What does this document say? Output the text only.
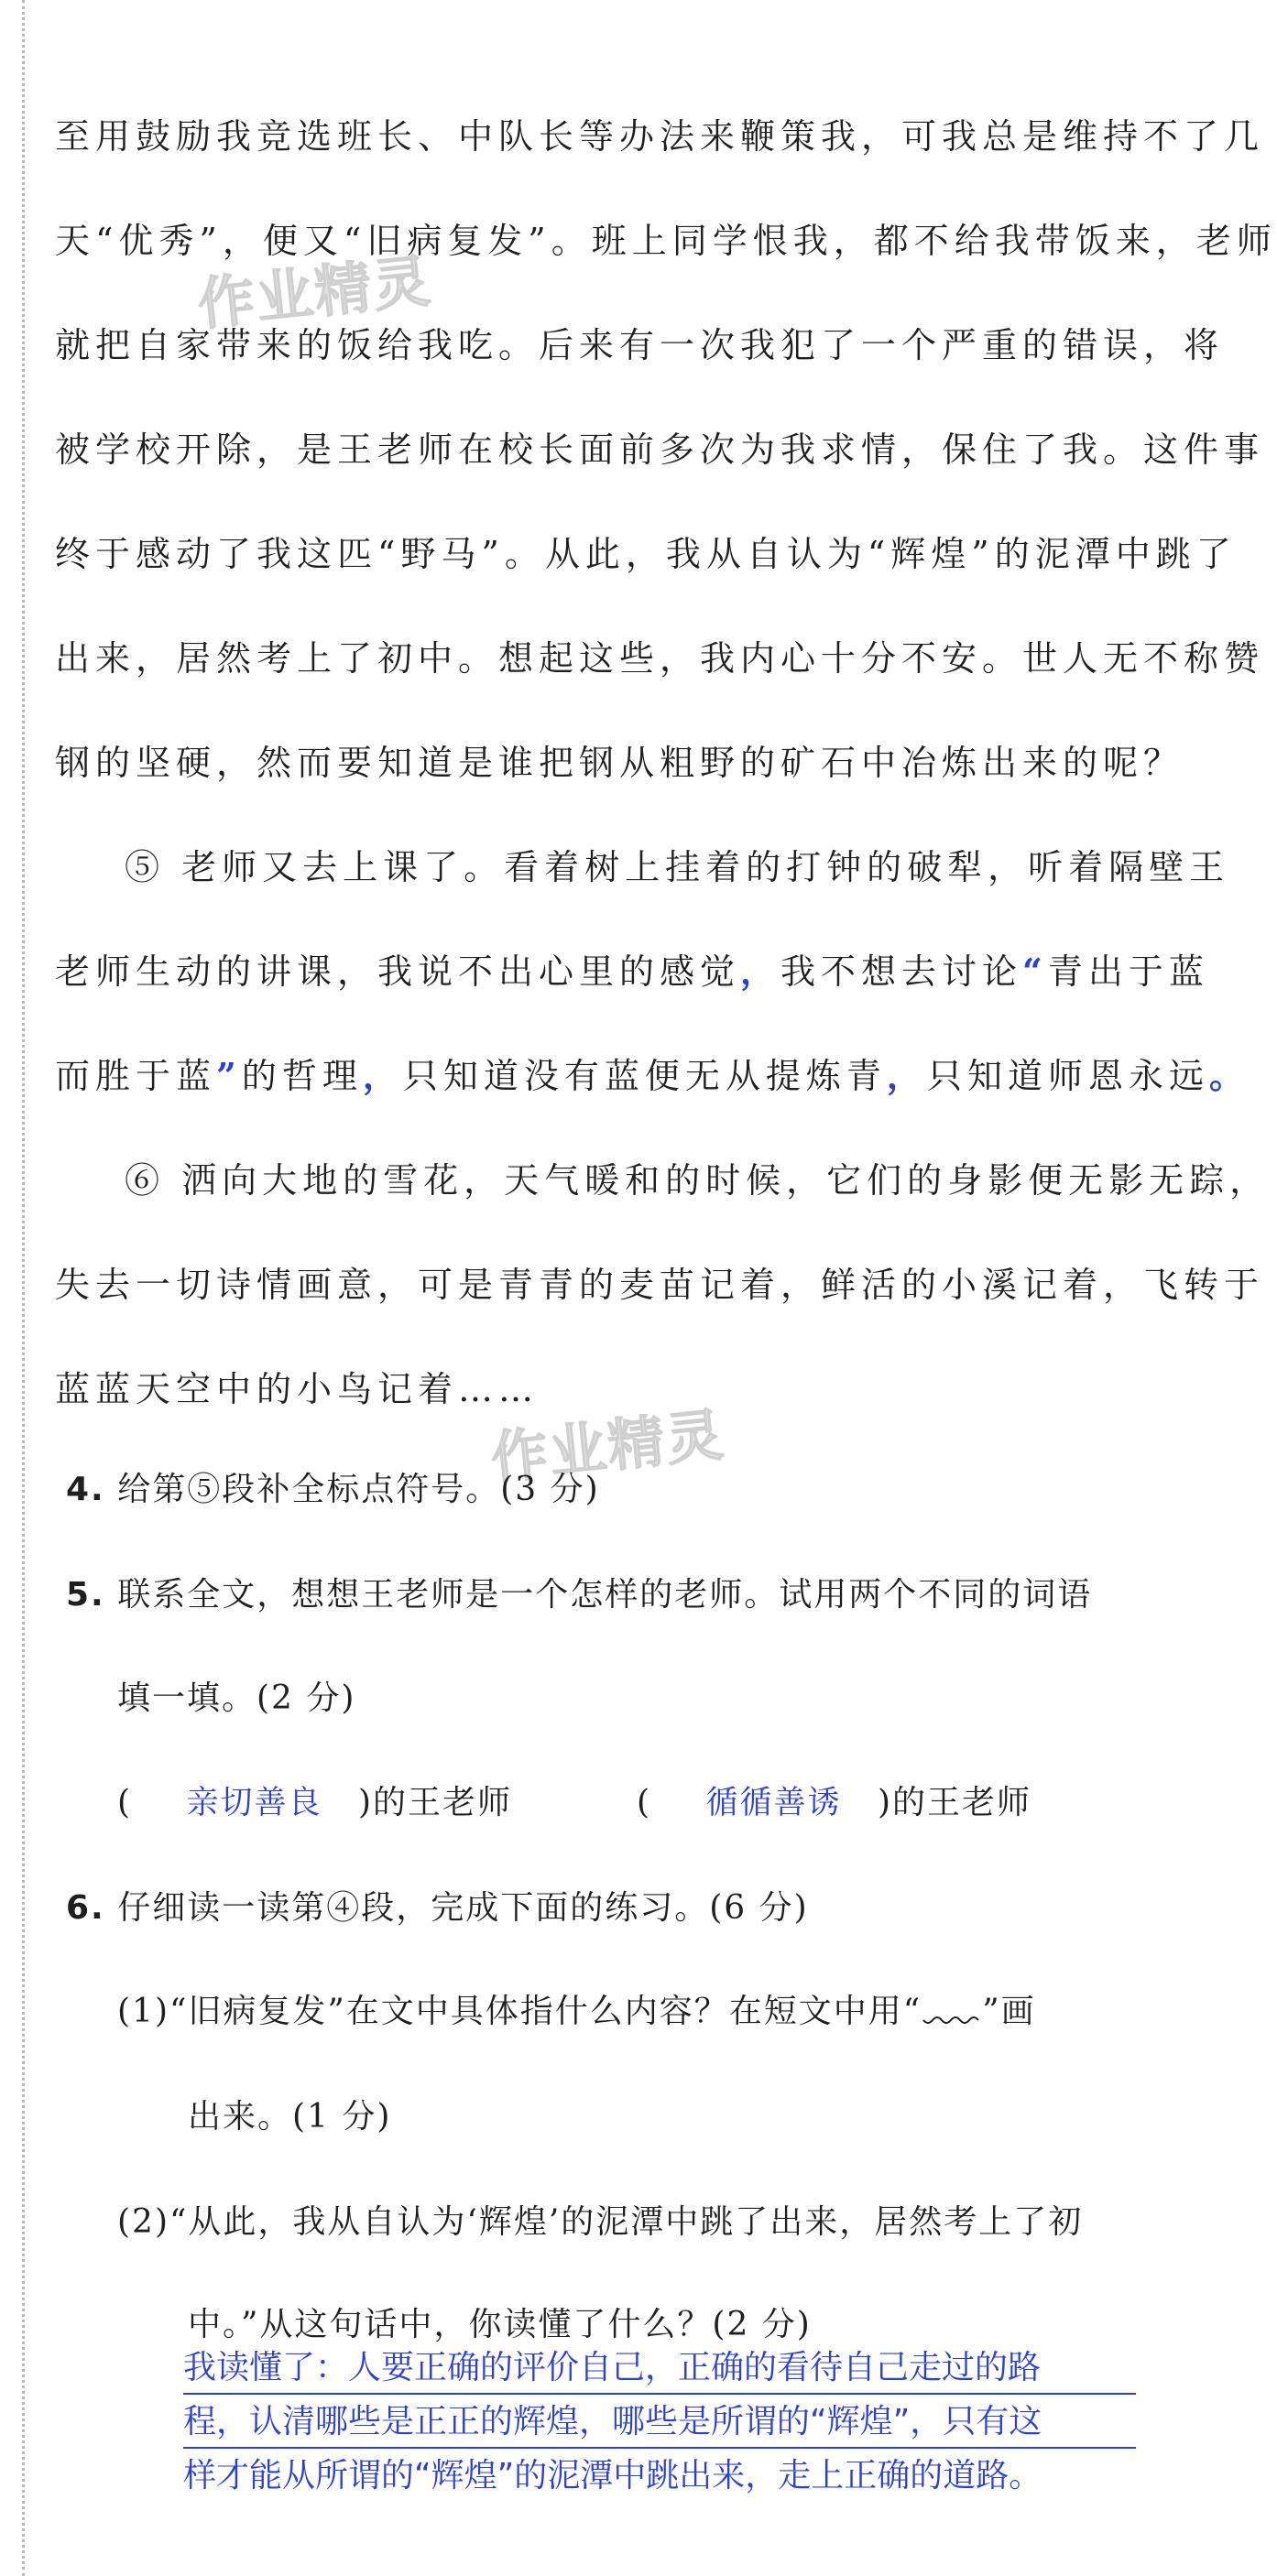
作业精灵
作业精灵
至用鼓励我竞选班长、中队长等办法来鞭策我，可我总是维持不了几
天“优秀”，便又“旧病复发”。班上同学恨我，都不给我带饭来，老师
就把自家带来的饭给我吃。后来有一次我犯了一个严重的错误，将
被学校开除，是王老师在校长面前多次为我求情，保住了我。这件事
终于感动了我这匹“野马”。从此，我从自认为“辉煌”的泥潭中跳了
出来，居然考上了初中。想起这些，我内心十分不安。世人无不称赞
钢的坚硬，然而要知道是谁把钢从粗野的矿石中冶炼出来的呢？
⑤ 老师又去上课了。看着树上挂着的打钟的破犁，听着隔壁王
老师生动的讲课，我说不出心里的感觉，我不想去讨论“青出于蓝
而胜于蓝”的哲理，只知道没有蓝便无从提炼青，只知道师恩永远。
⑥ 洒向大地的雪花，天气暖和的时候，它们的身影便无影无踪，
失去一切诗情画意，可是青青的麦苗记着，鲜活的小溪记着，飞转于
蓝蓝天空中的小鸟记着……
4. 给第⑤段补全标点符号。(3 分)
5. 联系全文，想想王老师是一个怎样的老师。试用两个不同的词语
填一填。(2 分)
( 亲切善良 )的王老师	( 循循善诱 )的王老师
6. 仔细读一读第④段，完成下面的练习。(6 分)
(1)“旧病复发”在文中具体指什么内容？在短文中用“ ”画
出来。(1 分)
(2)“从此，我从自认为‘辉煌’的泥潭中跳了出来，居然考上了初
中。”从这句话中，你读懂了什么？(2 分)
我读懂了：人要正确的评价自己，正确的看待自己走过的路
程，认清哪些是正正的辉煌，哪些是所谓的“辉煌”，只有这
样才能从所谓的“辉煌”的泥潭中跳出来，走上正确的道路。
